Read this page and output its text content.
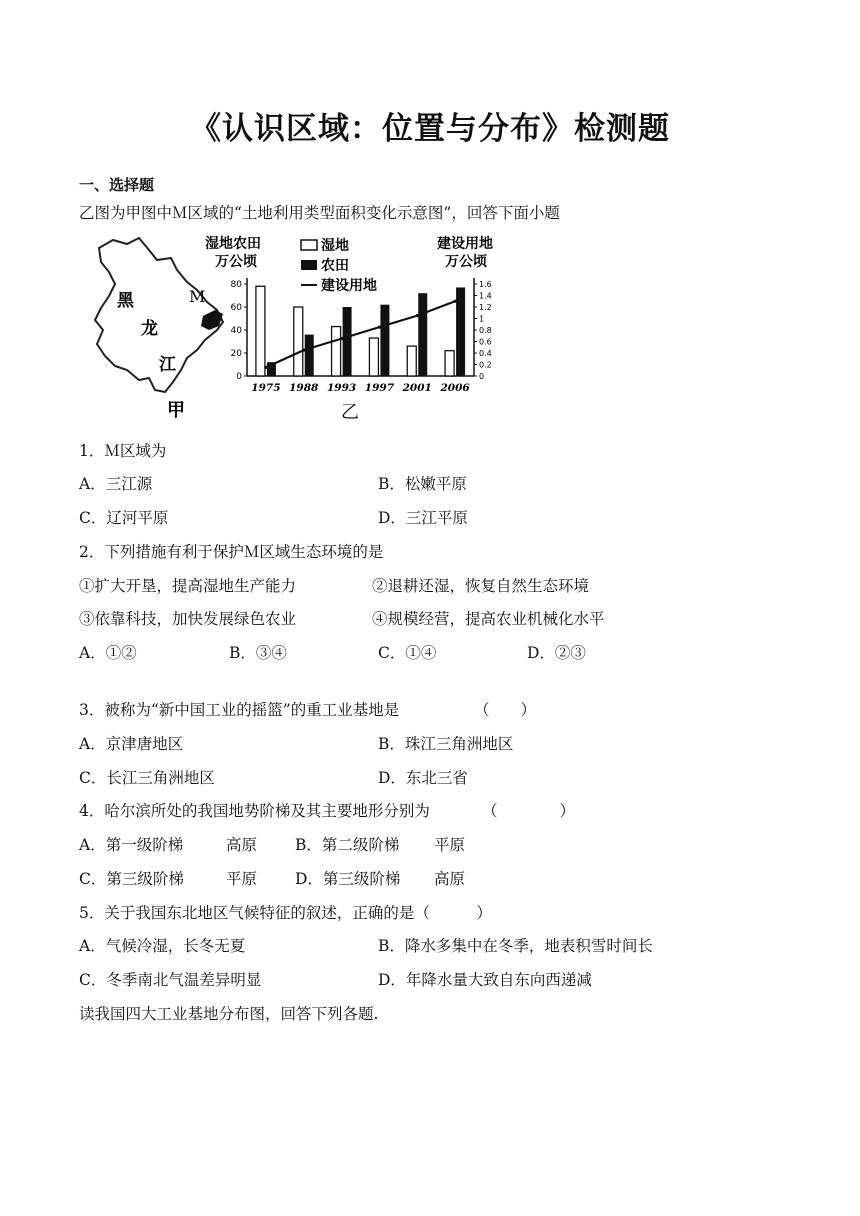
《认识区域：位置与分布》检测题
一、选择题
乙图为甲图中Ｍ区域的“土地利用类型面积变化示意图”，回答下面小题
黑
龙
江
M
甲
湿地农田
万公顷
建设用地
万公顷
湿地
农田
建设用地
0
20
40
60
80
0
0.2
0.4
0.6
0.8
1
1.2
1.4
1.6
1975 1988 1993 1997 2001 2006
乙
1．Ｍ区域为
A．三江源	B．松嫩平原
C．辽河平原	D．三江平原
2．下列措施有利于保护Ｍ区域生态环境的是
①扩大开垦，提高湿地生产能力	②退耕还湿，恢复自然生态环境
③依靠科技，加快发展绿色农业	④规模经营，提高农业机械化水平
A．①②	B．③④	C．①④	D．②③
3．被称为“新中国工业的摇篮”的重工业基地是	（　　）
A．京津唐地区	B．珠江三角洲地区
C．长江三角洲地区	D．东北三省
4．哈尔滨所处的我国地势阶梯及其主要地形分别为	（　　　　）
A．第一级阶梯	高原 B．第二级阶梯 平原
C．第三级阶梯	平原 D．第三级阶梯 高原
5．关于我国东北地区气候特征的叙述，正确的是（　　　）
A．气候冷湿，长冬无夏	B．降水多集中在冬季，地表积雪时间长
C．冬季南北气温差异明显	D．年降水量大致自东向西递减
读我国四大工业基地分布图，回答下列各题.
